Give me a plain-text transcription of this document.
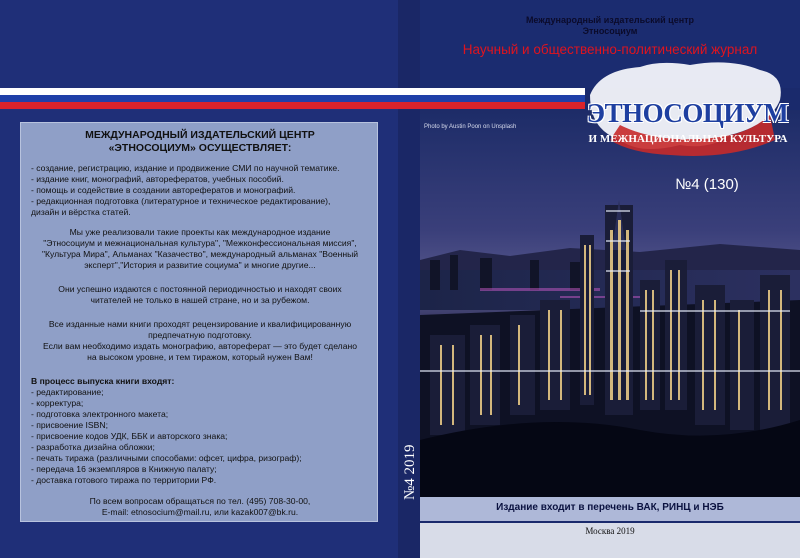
МЕЖДУНАРОДНЫЙ ИЗДАТЕЛЬСКИЙ ЦЕНТР
«ЭТНОСОЦИУМ» ОСУЩЕСТВЛЯЕТ:
- создание, регистрацию, издание и продвижение СМИ по научной тематике.
- издание книг, монографий, авторефератов, учебных пособий.
- помощь и содействие в создании авторефератов и монографий.
- редакционная подготовка (литературное и техническое редактирование),
дизайн и вёрстка статей.
Мы уже реализовали такие проекты как международное издание
"Этносоциум и межнациональная культура", "Межконфессиональная миссия",
"Культура Мира", Альманах "Казачество", международный альманах "Военный
эксперт","История и развитие социума" и многие другие...
Они успешно издаются с постоянной периодичностью и находят своих
читателей не только в нашей стране, но и за рубежом.
Все изданные нами книги проходят рецензирование и квалифицированную
предпечатную подготовку.
Если вам необходимо издать монографию, автореферат — это будет сделано
на высоком уровне, и тем тиражом, который нужен Вам!
В процесс выпуска книги входят:
- редактирование;
- корректура;
- подготовка электронного макета;
- присвоение ISBN;
- присвоение кодов УДК, ББК и авторского знака;
- разработка дизайна обложки;
- печать тиража (различными способами: офсет, цифра, ризограф);
- передача 16 экземпляров в Книжную палату;
- доставка готового тиража по территории РФ.
По всем вопросам обращаться по тел. (495) 708-30-00,
E-mail: etnosocium@mail.ru, или kazak007@bk.ru.
№4 2019
Международный издательский центр
Этносоциум
Научный и общественно-политический журнал
ЭТНОСОЦИУМ
И МЕЖНАЦИОНАЛЬНАЯ КУЛЬТУРА
Photo by Austin Poon on Unsplash
№4 (130)
Издание входит в перечень ВАК, РИНЦ и НЭБ
Москва 2019
